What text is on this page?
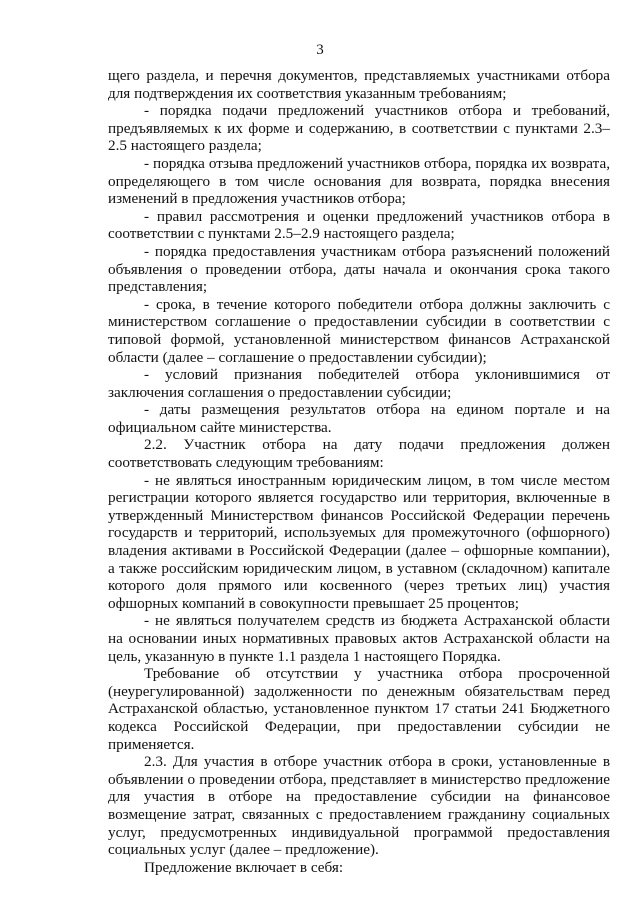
3

щего раздела, и перечня документов, представляемых участниками отбора для подтверждения их соответствия указанным требованиям;

- порядка подачи предложений участников отбора и требований, предъявляемых к их форме и содержанию, в соответствии с пунктами 2.3–2.5 настоящего раздела;

- порядка отзыва предложений участников отбора, порядка их возврата, определяющего в том числе основания для возврата, порядка внесения изменений в предложения участников отбора;

- правил рассмотрения и оценки предложений участников отбора в соответствии с пунктами 2.5–2.9 настоящего раздела;

- порядка предоставления участникам отбора разъяснений положений объявления о проведении отбора, даты начала и окончания срока такого представления;

- срока, в течение которого победители отбора должны заключить с министерством соглашение о предоставлении субсидии в соответствии с типовой формой, установленной министерством финансов Астраханской области (далее – соглашение о предоставлении субсидии);

- условий признания победителей отбора уклонившимися от заключения соглашения о предоставлении субсидии;

- даты размещения результатов отбора на едином портале и на официальном сайте министерства.

2.2. Участник отбора на дату подачи предложения должен соответствовать следующим требованиям:

- не являться иностранным юридическим лицом, в том числе местом регистрации которого является государство или территория, включенные в утвержденный Министерством финансов Российской Федерации перечень государств и территорий, используемых для промежуточного (офшорного) владения активами в Российской Федерации (далее – офшорные компании), а также российским юридическим лицом, в уставном (складочном) капитале которого доля прямого или косвенного (через третьих лиц) участия офшорных компаний в совокупности превышает 25 процентов;

- не являться получателем средств из бюджета Астраханской области на основании иных нормативных правовых актов Астраханской области на цель, указанную в пункте 1.1 раздела 1 настоящего Порядка.

Требование об отсутствии у участника отбора просроченной (неурегулированной) задолженности по денежным обязательствам перед Астраханской областью, установленное пунктом 17 статьи 241 Бюджетного кодекса Российской Федерации, при предоставлении субсидии не применяется.

2.3. Для участия в отборе участник отбора в сроки, установленные в объявлении о проведении отбора, представляет в министерство предложение для участия в отборе на предоставление субсидии на финансовое возмещение затрат, связанных с предоставлением гражданину социальных услуг, предусмотренных индивидуальной программой предоставления социальных услуг (далее – предложение).

Предложение включает в себя:
